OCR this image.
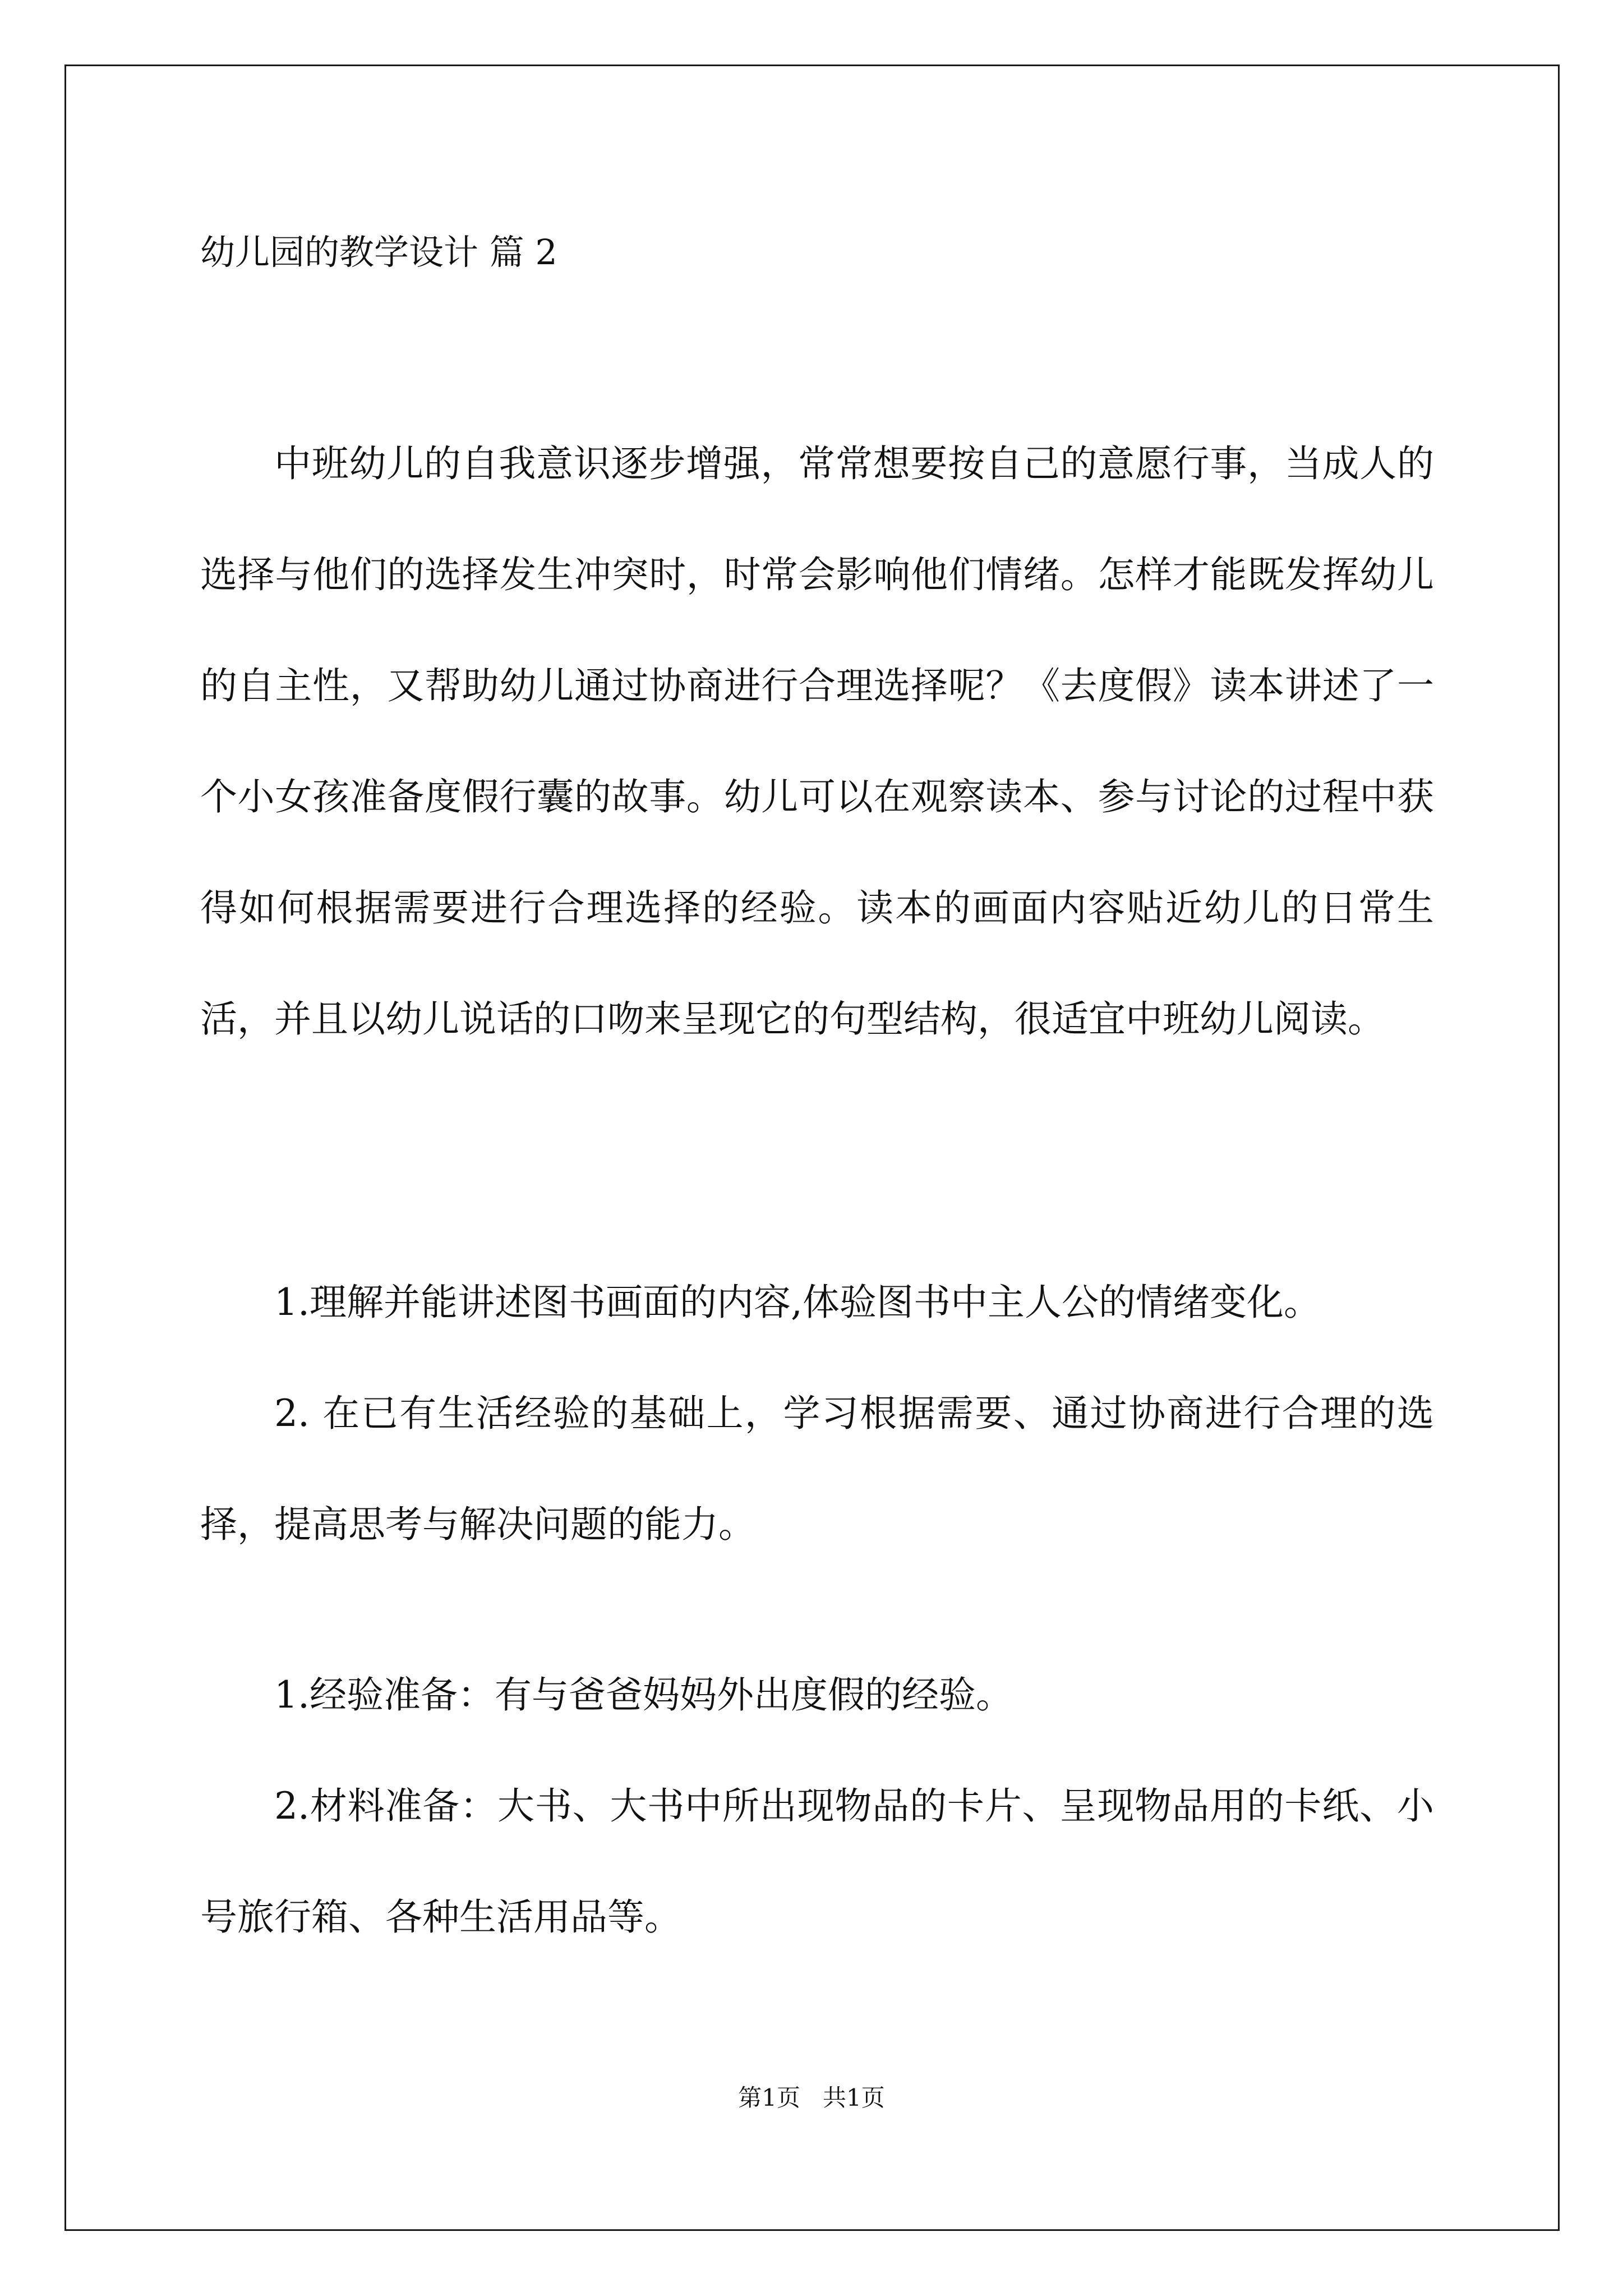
幼儿园的教学设计 篇 2

中班幼儿的自我意识逐步增强，常常想要按自己的意愿行事，当成人的选择与他们的选择发生冲突时，时常会影响他们情绪。怎样才能既发挥幼儿的自主性，又帮助幼儿通过协商进行合理选择呢？《去度假》读本讲述了一个小女孩准备度假行囊的故事。幼儿可以在观察读本、参与讨论的过程中获得如何根据需要进行合理选择的经验。读本的画面内容贴近幼儿的日常生活，并且以幼儿说话的口吻来呈现它的句型结构，很适宜中班幼儿阅读。

1.理解并能讲述图书画面的内容,体验图书中主人公的情绪变化。

2. 在已有生活经验的基础上，学习根据需要、通过协商进行合理的选择，提高思考与解决问题的能力。

1.经验准备：有与爸爸妈妈外出度假的经验。

2.材料准备：大书、大书中所出现物品的卡片、呈现物品用的卡纸、小号旅行箱、各种生活用品等。

第1页   共1页
